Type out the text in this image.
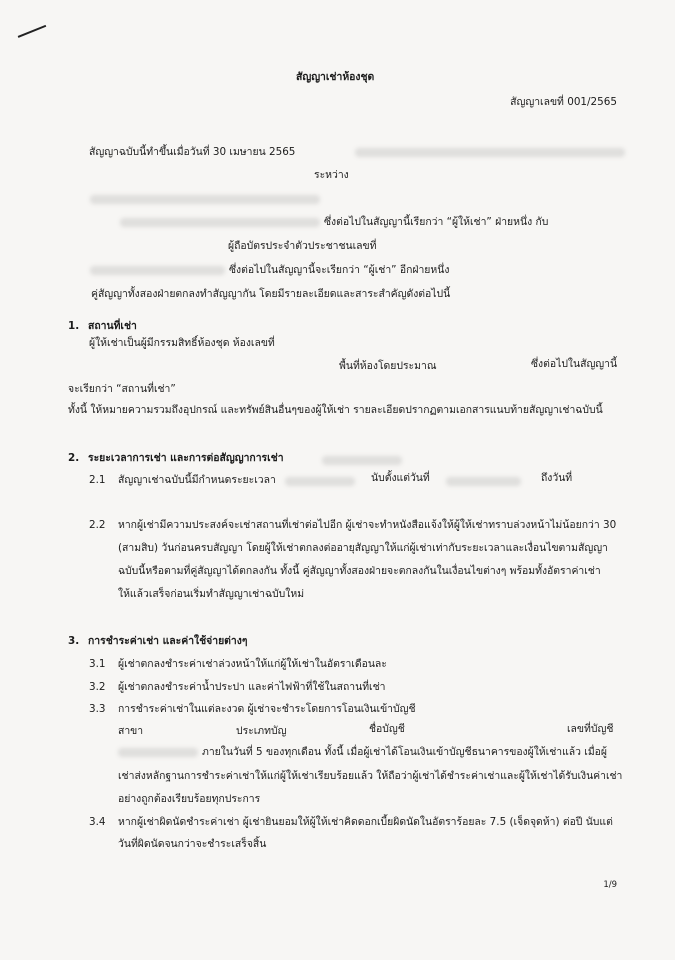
สัญญาเช่าห้องชุด
สัญญาเลขที่ 001/2565
สัญญาฉบับนี้ทำขึ้นเมื่อวันที่ 30 เมษายน 2565
ระหว่าง
ซึ่งต่อไปในสัญญานี้เรียกว่า “ผู้ให้เช่า” ฝ่ายหนึ่ง กับ
ผู้ถือบัตรประจำตัวประชาชนเลขที่
ซึ่งต่อไปในสัญญานี้จะเรียกว่า “ผู้เช่า” อีกฝ่ายหนึ่ง
คู่สัญญาทั้งสองฝ่ายตกลงทำสัญญากัน โดยมีรายละเอียดและสาระสำคัญดังต่อไปนี้
1. สถานที่เช่า
ผู้ให้เช่าเป็นผู้มีกรรมสิทธิ์ห้องชุด ห้องเลขที่
พื้นที่ห้องโดยประมาณ	ซึ่งต่อไปในสัญญานี้
จะเรียกว่า “สถานที่เช่า”
ทั้งนี้ ให้หมายความรวมถึงอุปกรณ์ และทรัพย์สินอื่นๆของผู้ให้เช่า รายละเอียดปรากฏตามเอกสารแนบท้ายสัญญาเช่าฉบับนี้
2. ระยะเวลาการเช่า และการต่อสัญญาการเช่า
2.1 สัญญาเช่าฉบับนี้มีกำหนดระยะเวลา	นับตั้งแต่วันที่	ถึงวันที่
2.2 หากผู้เช่ามีความประสงค์จะเช่าสถานที่เช่าต่อไปอีก ผู้เช่าจะทำหนังสือแจ้งให้ผู้ให้เช่าทราบล่วงหน้าไม่น้อยกว่า 30
(สามสิบ) วันก่อนครบสัญญา โดยผู้ให้เช่าตกลงต่ออายุสัญญาให้แก่ผู้เช่าเท่ากับระยะเวลาและเงื่อนไขตามสัญญา
ฉบับนี้หรือตามที่คู่สัญญาได้ตกลงกัน ทั้งนี้ คู่สัญญาทั้งสองฝ่ายจะตกลงกันในเงื่อนไขต่างๆ พร้อมทั้งอัตราค่าเช่า
ให้แล้วเสร็จก่อนเริ่มทำสัญญาเช่าฉบับใหม่
3. การชำระค่าเช่า และค่าใช้จ่ายต่างๆ
3.1 ผู้เช่าตกลงชำระค่าเช่าล่วงหน้าให้แก่ผู้ให้เช่าในอัตราเดือนละ
3.2 ผู้เช่าตกลงชำระค่าน้ำประปา และค่าไฟฟ้าที่ใช้ในสถานที่เช่า
3.3 การชำระค่าเช่าในแต่ละงวด ผู้เช่าจะชำระโดยการโอนเงินเข้าบัญชี
สาขา	ประเภทบัญ	ชื่อบัญชี	เลขที่บัญชี
ภายในวันที่ 5 ของทุกเดือน ทั้งนี้ เมื่อผู้เช่าได้โอนเงินเข้าบัญชีธนาคารของผู้ให้เช่าแล้ว เมื่อผู้
เช่าส่งหลักฐานการชำระค่าเช่าให้แก่ผู้ให้เช่าเรียบร้อยแล้ว ให้ถือว่าผู้เช่าได้ชำระค่าเช่าและผู้ให้เช่าได้รับเงินค่าเช่า
อย่างถูกต้องเรียบร้อยทุกประการ
3.4 หากผู้เช่าผิดนัดชำระค่าเช่า ผู้เช่ายินยอมให้ผู้ให้เช่าคิดดอกเบี้ยผิดนัดในอัตราร้อยละ 7.5 (เจ็ดจุดห้า) ต่อปี นับแต่
วันที่ผิดนัดจนกว่าจะชำระเสร็จสิ้น
1/9
